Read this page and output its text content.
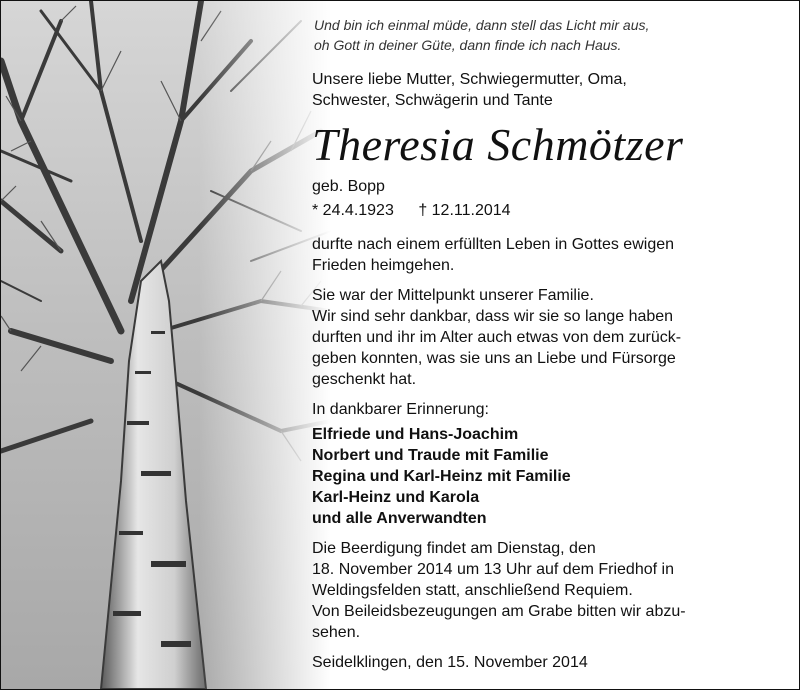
Und bin ich einmal müde, dann stell das Licht mir aus,
oh Gott in deiner Güte, dann finde ich nach Haus.
Unsere liebe Mutter, Schwiegermutter, Oma,
Schwester, Schwägerin und Tante
Theresia Schmötzer
geb. Bopp
* 24.4.1923 † 12.11.2014
durfte nach einem erfüllten Leben in Gottes ewigen
Frieden heimgehen.
Sie war der Mittelpunkt unserer Familie.
Wir sind sehr dankbar, dass wir sie so lange haben
durften und ihr im Alter auch etwas von dem zurück-
geben konnten, was sie uns an Liebe und Fürsorge
geschenkt hat.
In dankbarer Erinnerung:
Elfriede und Hans-Joachim
Norbert und Traude mit Familie
Regina und Karl-Heinz mit Familie
Karl-Heinz und Karola
und alle Anverwandten
Die Beerdigung findet am Dienstag, den
18. November 2014 um 13 Uhr auf dem Friedhof in
Weldingsfelden statt, anschließend Requiem.
Von Beileidsbezeugungen am Grabe bitten wir abzu-
sehen.
Seidelklingen, den 15. November 2014
